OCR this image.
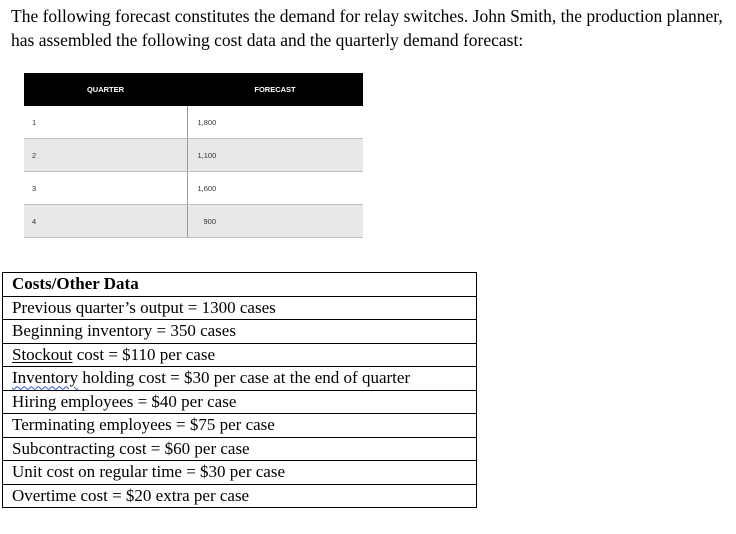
The following forecast constitutes the demand for relay switches. John Smith, the production planner, has assembled the following cost data and the quarterly demand forecast:

QUARTER	FORECAST
1	1,800
2	1,100
3	1,600
4	900
Costs/Other Data
Previous quarter’s output = 1300 cases
Beginning inventory = 350 cases
Stockout cost = $110 per case
Inventory holding cost = $30 per case at the end of quarter
Hiring employees = $40 per case
Terminating employees = $75 per case
Subcontracting cost = $60 per case
Unit cost on regular time = $30 per case
Overtime cost = $20 extra per case
